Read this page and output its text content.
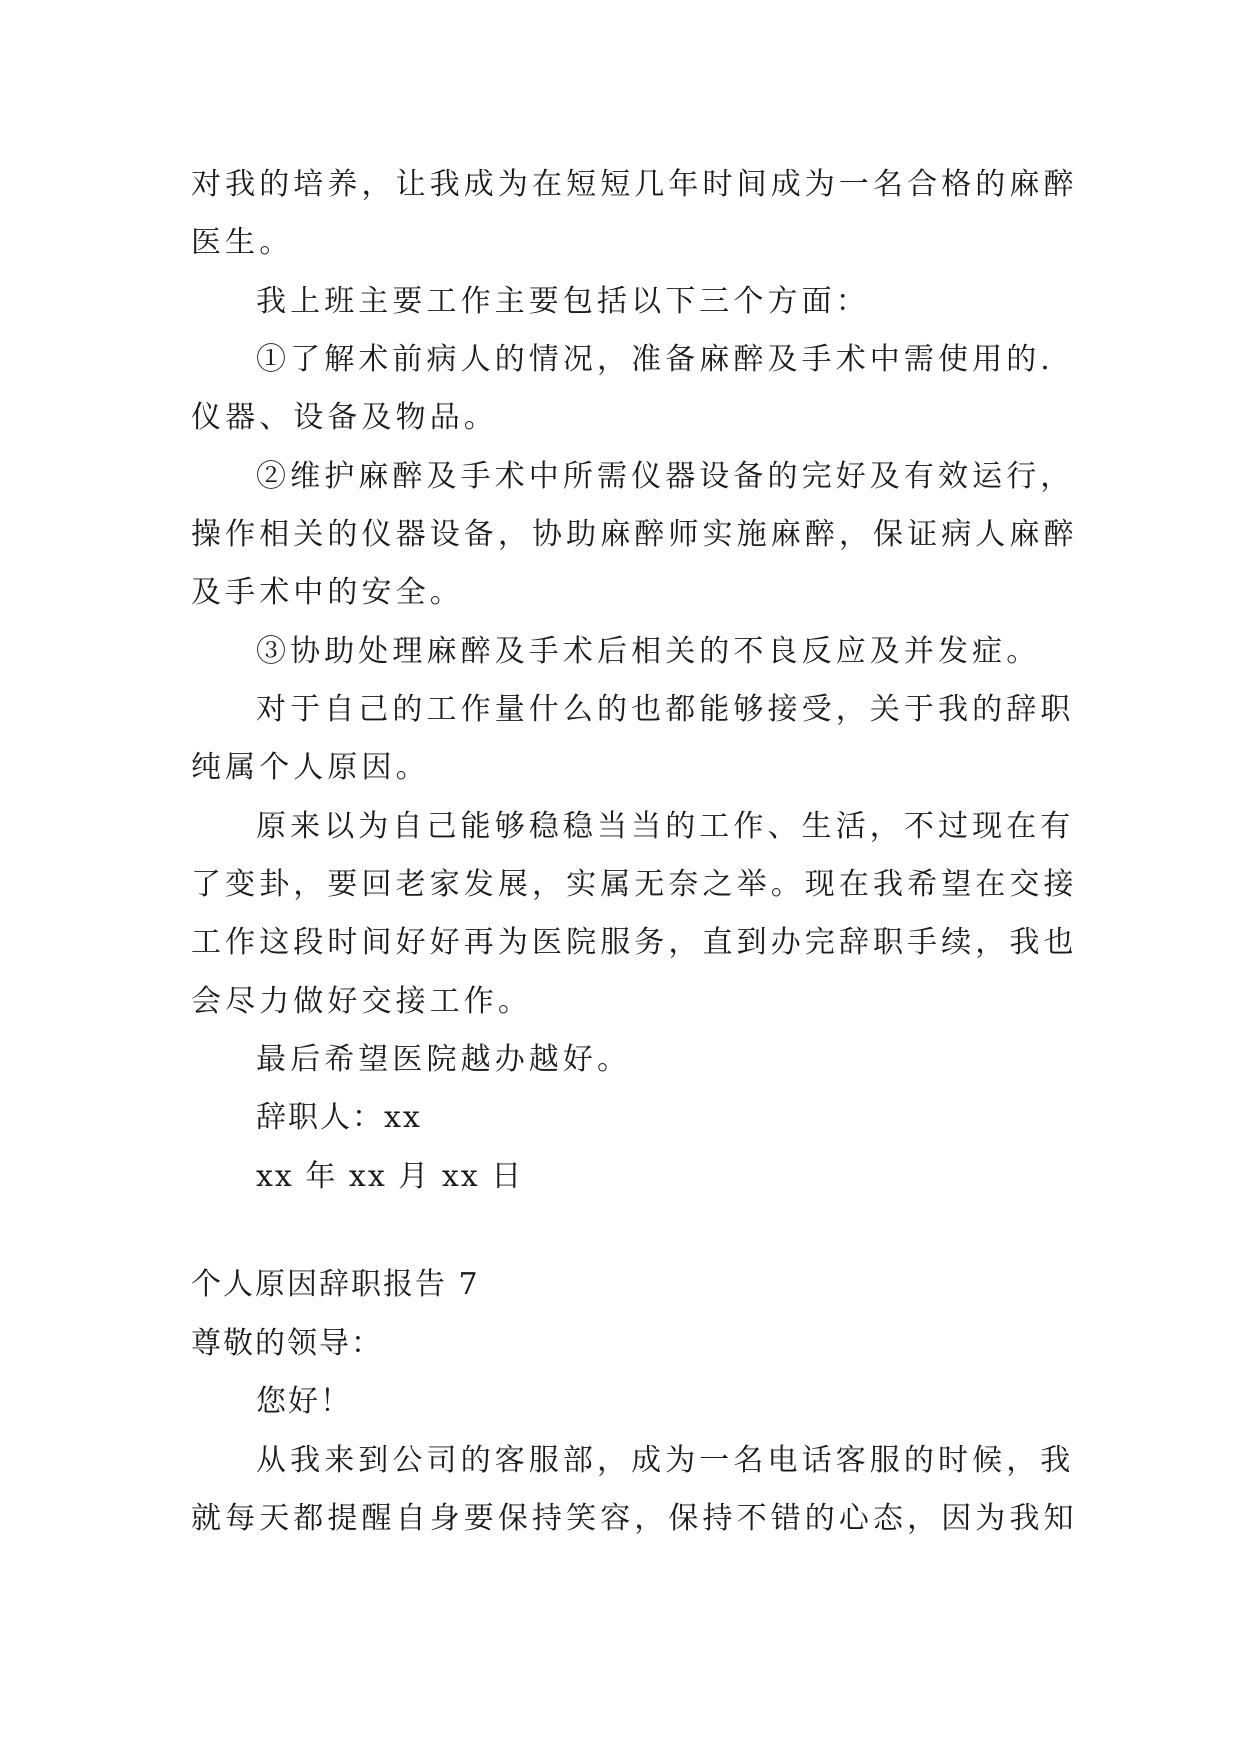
对我的培养，让我成为在短短几年时间成为一名合格的麻醉
医生。
我上班主要工作主要包括以下三个方面：
①了解术前病人的情况，准备麻醉及手术中需使用的.
仪器、设备及物品。
②维护麻醉及手术中所需仪器设备的完好及有效运行，
操作相关的仪器设备，协助麻醉师实施麻醉，保证病人麻醉
及手术中的安全。
③协助处理麻醉及手术后相关的不良反应及并发症。
对于自己的工作量什么的也都能够接受，关于我的辞职
纯属个人原因。
原来以为自己能够稳稳当当的工作、生活，不过现在有
了变卦，要回老家发展，实属无奈之举。现在我希望在交接
工作这段时间好好再为医院服务，直到办完辞职手续，我也
会尽力做好交接工作。
最后希望医院越办越好。
辞职人：xx
xx 年 xx 月 xx 日
个人原因辞职报告 7
尊敬的领导：
您好！
从我来到公司的客服部，成为一名电话客服的时候，我
就每天都提醒自身要保持笑容，保持不错的心态，因为我知
